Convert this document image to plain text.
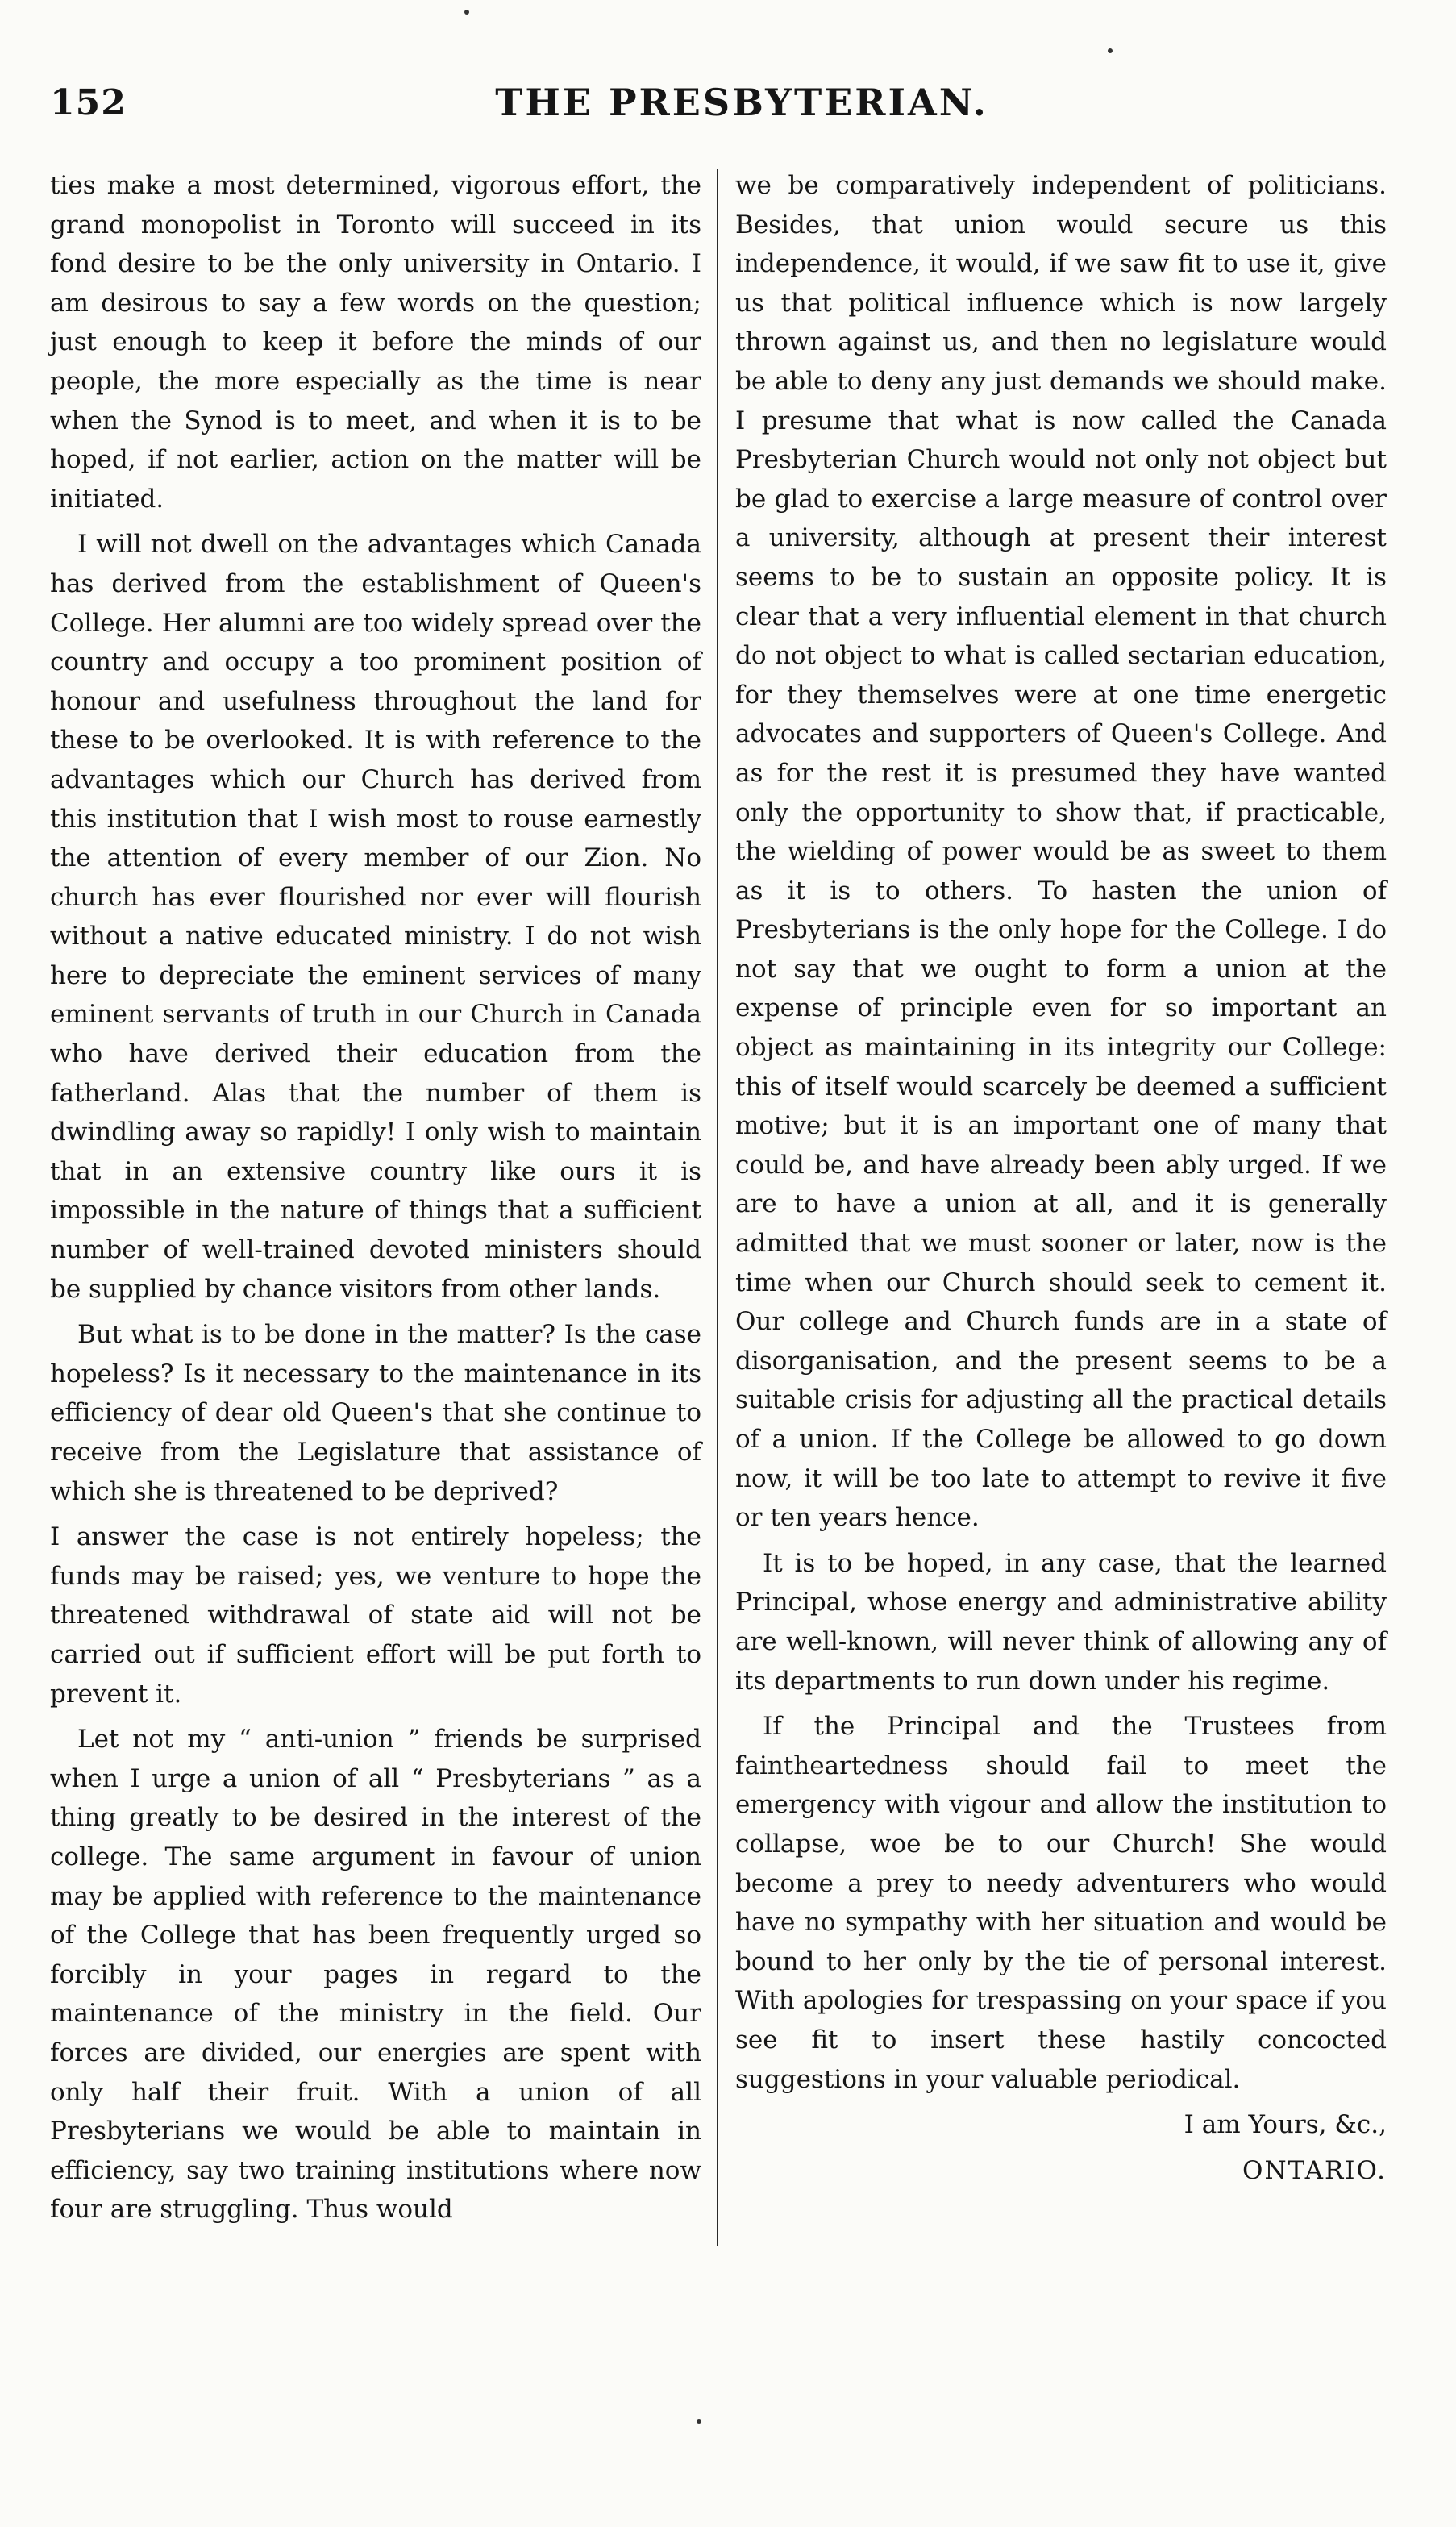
152	THE PRESBYTERIAN.

ties make a most determined, vigorous effort, the grand monopolist in Toronto will succeed in its fond desire to be the only university in Ontario. I am desirous to say a few words on the question; just enough to keep it before the minds of our people, the more especially as the time is near when the Synod is to meet, and when it is to be hoped, if not earlier, action on the matter will be initiated.

I will not dwell on the advantages which Canada has derived from the establishment of Queen's College. Her alumni are too widely spread over the country and occupy a too prominent position of honour and usefulness throughout the land for these to be overlooked. It is with reference to the advantages which our Church has derived from this institution that I wish most to rouse earnestly the attention of every member of our Zion. No church has ever flourished nor ever will flourish without a native educated ministry. I do not wish here to depreciate the eminent services of many eminent servants of truth in our Church in Canada who have derived their education from the fatherland. Alas that the number of them is dwindling away so rapidly! I only wish to maintain that in an extensive country like ours it is impossible in the nature of things that a sufficient number of well-trained devoted ministers should be supplied by chance visitors from other lands.

But what is to be done in the matter? Is the case hopeless? Is it necessary to the maintenance in its efficiency of dear old Queen's that she continue to receive from the Legislature that assistance of which she is threatened to be deprived?

I answer the case is not entirely hopeless; the funds may be raised; yes, we venture to hope the threatened withdrawal of state aid will not be carried out if sufficient effort will be put forth to prevent it.

Let not my “ anti-union ” friends be surprised when I urge a union of all “ Presbyterians ” as a thing greatly to be desired in the interest of the college. The same argument in favour of union may be applied with reference to the maintenance of the College that has been frequently urged so forcibly in your pages in regard to the maintenance of the ministry in the field. Our forces are divided, our energies are spent with only half their fruit. With a union of all Presbyterians we would be able to maintain in efficiency, say two training institutions where now four are struggling. Thus would

we be comparatively independent of politicians. Besides, that union would secure us this independence, it would, if we saw fit to use it, give us that political influence which is now largely thrown against us, and then no legislature would be able to deny any just demands we should make. I presume that what is now called the Canada Presbyterian Church would not only not object but be glad to exercise a large measure of control over a university, although at present their interest seems to be to sustain an opposite policy. It is clear that a very influential element in that church do not object to what is called sectarian education, for they themselves were at one time energetic advocates and supporters of Queen's College. And as for the rest it is presumed they have wanted only the opportunity to show that, if practicable, the wielding of power would be as sweet to them as it is to others. To hasten the union of Presbyterians is the only hope for the College. I do not say that we ought to form a union at the expense of principle even for so important an object as maintaining in its integrity our College: this of itself would scarcely be deemed a sufficient motive; but it is an important one of many that could be, and have already been ably urged. If we are to have a union at all, and it is generally admitted that we must sooner or later, now is the time when our Church should seek to cement it. Our college and Church funds are in a state of disorganisation, and the present seems to be a suitable crisis for adjusting all the practical details of a union. If the College be allowed to go down now, it will be too late to attempt to revive it five or ten years hence.

It is to be hoped, in any case, that the learned Principal, whose energy and administrative ability are well-known, will never think of allowing any of its departments to run down under his regime.

If the Principal and the Trustees from faintheartedness should fail to meet the emergency with vigour and allow the institution to collapse, woe be to our Church! She would become a prey to needy adventurers who would have no sympathy with her situation and would be bound to her only by the tie of personal interest. With apologies for trespassing on your space if you see fit to insert these hastily concocted suggestions in your valuable periodical.

I am Yours, &c.,

ONTARIO.
